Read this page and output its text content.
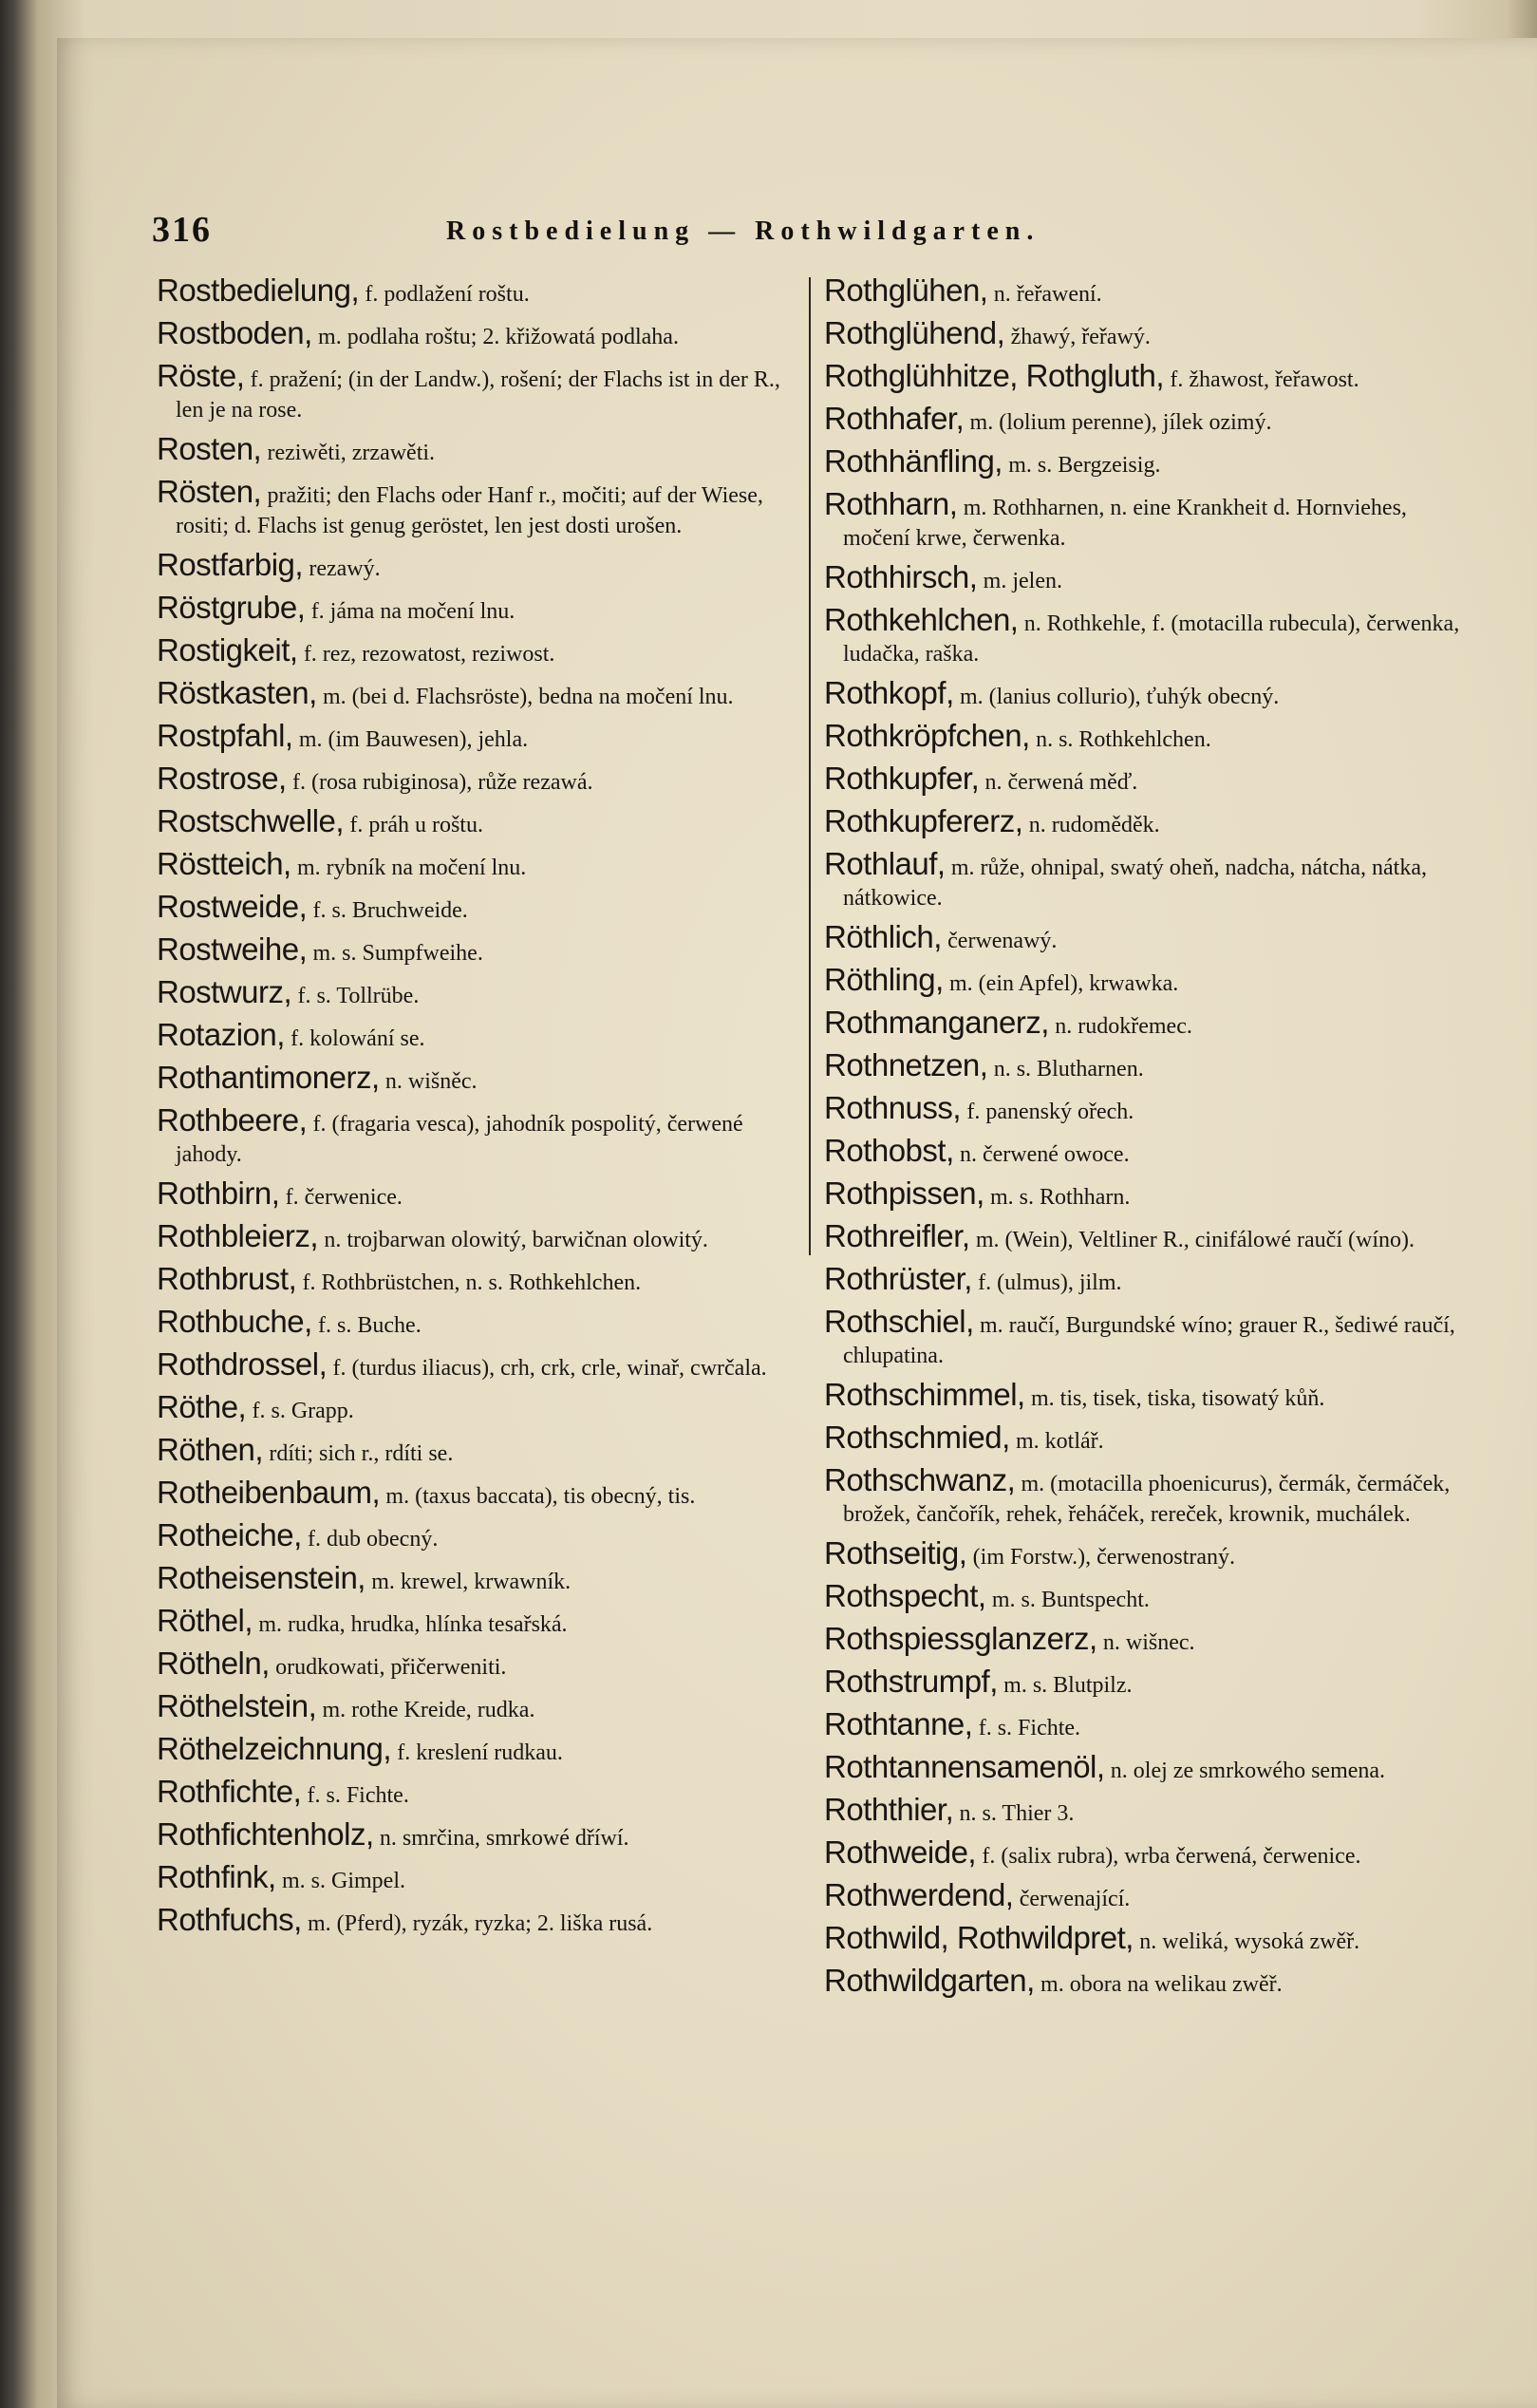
316	Rostbedielung — Rothwildgarten.
Rostbedielung, f. podlažení roštu.
Rostboden, m. podlaha roštu; 2. křižowatá podlaha.
Röste, f. pražení; (in der Landw.), rošení; der Flachs ist in der R., len je na rose.
Rosten, reziwěti, zrzawěti.
Rösten, pražiti; den Flachs oder Hanf r., močiti; auf der Wiese, rositi; d. Flachs ist genug geröstet, len jest dosti urošen.
Rostfarbig, rezawý.
Röstgrube, f. jáma na močení lnu.
Rostigkeit, f. rez, rezowatost, reziwost.
Röstkasten, m. (bei d. Flachsröste), bedna na močení lnu.
Rostpfahl, m. (im Bauwesen), jehla.
Rostrose, f. (rosa rubiginosa), růže rezawá.
Rostschwelle, f. práh u roštu.
Röstteich, m. rybník na močení lnu.
Rostweide, f. s. Bruchweide.
Rostweihe, m. s. Sumpfweihe.
Rostwurz, f. s. Tollrübe.
Rotazion, f. kolowání se.
Rothantimonerz, n. wišněc.
Rothbeere, f. (fragaria vesca), jahodník pospolitý, čerwené jahody.
Rothbirn, f. čerwenice.
Rothbleierz, n. trojbarwan olowitý, barwičnan olowitý.
Rothbrust, f. Rothbrüstchen, n. s. Rothkehlchen.
Rothbuche, f. s. Buche.
Rothdrossel, f. (turdus iliacus), crh, crk, crle, winař, cwrčala.
Röthe, f. s. Grapp.
Röthen, rdíti; sich r., rdíti se.
Rotheibenbaum, m. (taxus baccata), tis obecný, tis.
Rotheiche, f. dub obecný.
Rotheisenstein, m. krewel, krwawník.
Röthel, m. rudka, hrudka, hlínka tesařská.
Rötheln, orudkowati, přičerweniti.
Röthelstein, m. rothe Kreide, rudka.
Röthelzeichnung, f. kreslení rudkau.
Rothfichte, f. s. Fichte.
Rothfichtenholz, n. smrčina, smrkowé dříwí.
Rothfink, m. s. Gimpel.
Rothfuchs, m. (Pferd), ryzák, ryzka; 2. liška rusá.
Rothglühen, n. řeřawení.
Rothglühend, žhawý, řeřawý.
Rothglühhitze, Rothgluth, f. žhawost, řeřawost.
Rothhafer, m. (lolium perenne), jílek ozimý.
Rothhänfling, m. s. Bergzeisig.
Rothharn, m. Rothharnen, n. eine Krankheit d. Hornviehes, močení krwe, čerwenka.
Rothhirsch, m. jelen.
Rothkehlchen, n. Rothkehle, f. (motacilla rubecula), čerwenka, ludačka, raška.
Rothkopf, m. (lanius collurio), ťuhýk obecný.
Rothkröpfchen, n. s. Rothkehlchen.
Rothkupfer, n. čerwená měď.
Rothkupfererz, n. rudoměděk.
Rothlauf, m. růže, ohnipal, swatý oheň, nadcha, nátcha, nátka, nátkowice.
Röthlich, čerwenawý.
Röthling, m. (ein Apfel), krwawka.
Rothmanganerz, n. rudokřemec.
Rothnetzen, n. s. Blutharnen.
Rothnuss, f. panenský ořech.
Rothobst, n. čerwené owoce.
Rothpissen, m. s. Rothharn.
Rothreifler, m. (Wein), Veltliner R., cinifálowé raučí (wíno).
Rothrüster, f. (ulmus), jilm.
Rothschiel, m. raučí, Burgundské wíno; grauer R., šediwé raučí, chlupatina.
Rothschimmel, m. tis, tisek, tiska, tisowatý kůň.
Rothschmied, m. kotlář.
Rothschwanz, m. (motacilla phoenicurus), čermák, čermáček, brožek, čančořík, rehek, řeháček, rereček, krownik, muchálek.
Rothseitig, (im Forstw.), čerwenostraný.
Rothspecht, m. s. Buntspecht.
Rothspiessglanzerz, n. wišnec.
Rothstrumpf, m. s. Blutpilz.
Rothtanne, f. s. Fichte.
Rothtannensamenöl, n. olej ze smrkowého semena.
Roththier, n. s. Thier 3.
Rothweide, f. (salix rubra), wrba čerwená, čerwenice.
Rothwerdend, čerwenající.
Rothwild, Rothwildpret, n. weliká, wysoká zwěř.
Rothwildgarten, m. obora na welikau zwěř.
